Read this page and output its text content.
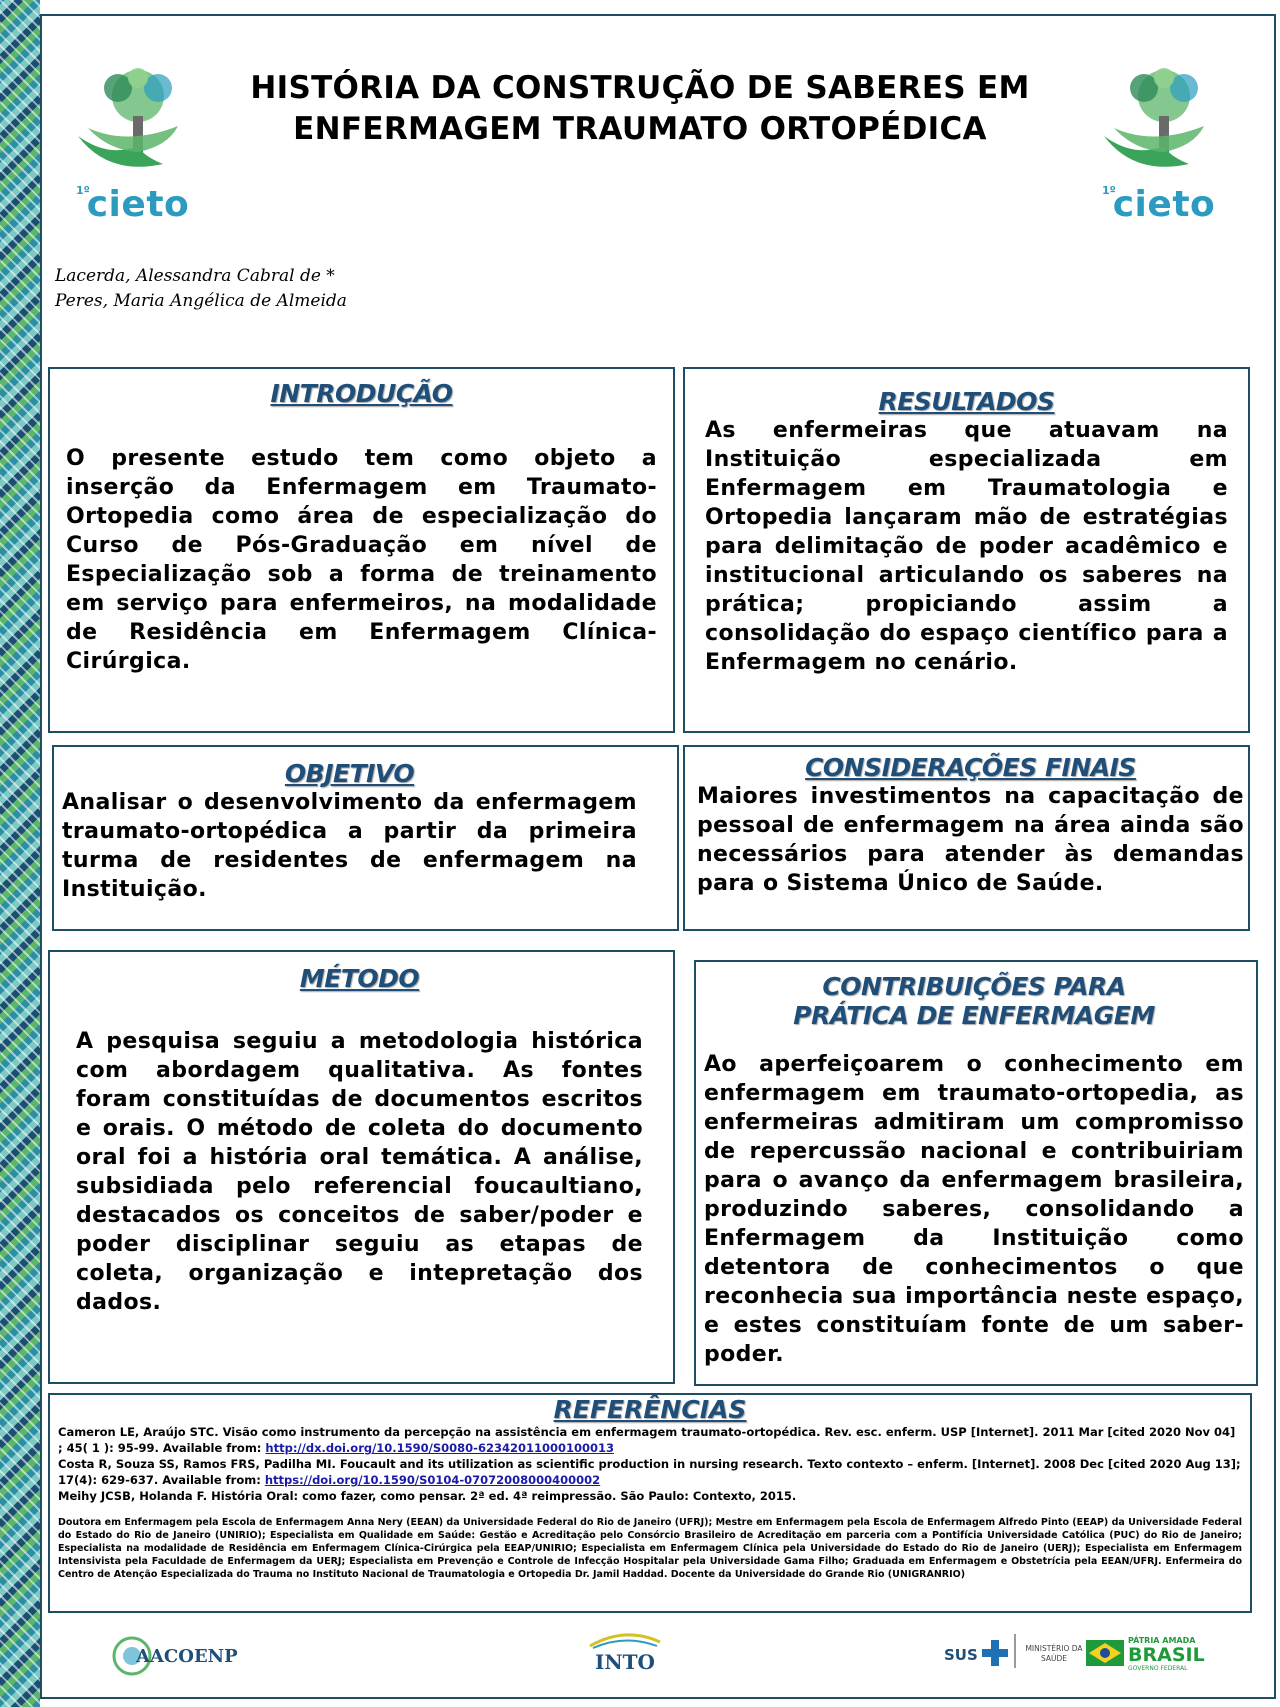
1º
cieto	1º
cieto
HISTÓRIA DA CONSTRUÇÃO DE SABERES EM
ENFERMAGEM TRAUMATO ORTOPÉDICA
Lacerda, Alessandra Cabral de *
Peres, Maria Angélica de Almeida
INTRODUÇÃO

O presente estudo tem como objeto a inserção da Enfermagem em Traumato-Ortopedia como área de especialização do Curso de Pós-Graduação em nível de Especialização sob a forma de treinamento em serviço para enfermeiros, na modalidade de Residência em Enfermagem Clínica-Cirúrgica.

RESULTADOS

As enfermeiras que atuavam na Instituição especializada em Enfermagem em Traumatologia e Ortopedia lançaram mão de estratégias para delimitação de poder acadêmico e institucional articulando os saberes na prática; propiciando assim a consolidação do espaço científico para a Enfermagem no cenário.

OBJETIVO

Analisar o desenvolvimento da enfermagem traumato-ortopédica a partir da primeira turma de residentes de enfermagem na Instituição.

CONSIDERAÇÕES FINAIS

Maiores investimentos na capacitação de pessoal de enfermagem na área ainda são necessários para atender às demandas para o Sistema Único de Saúde.

MÉTODO

A pesquisa seguiu a metodologia histórica com abordagem qualitativa. As fontes foram constituídas de documentos escritos e orais. O método de coleta do documento oral foi a história oral temática. A análise, subsidiada pelo referencial foucaultiano, destacados os conceitos de saber/poder e poder disciplinar seguiu as etapas de coleta, organização e intepretação dos dados.

CONTRIBUIÇÕES PARA
PRÁTICA DE ENFERMAGEM

Ao aperfeiçoarem o conhecimento em enfermagem em traumato-ortopedia, as enfermeiras admitiram um compromisso de repercussão nacional e contribuiriam para o avanço da enfermagem brasileira, produzindo saberes, consolidando a Enfermagem da Instituição como detentora de conhecimentos o que reconhecia sua importância neste espaço, e estes constituíam fonte de um saber-poder.

REFERÊNCIAS
Cameron LE, Araújo STC. Visão como instrumento da percepção na assistência em enfermagem traumato-ortopédica. Rev. esc. enferm. USP [Internet]. 2011 Mar [cited 2020 Nov 04] ; 45( 1 ): 95-99. Available from: http://dx.doi.org/10.1590/S0080-62342011000100013
Costa R, Souza SS, Ramos FRS, Padilha MI. Foucault and its utilization as scientific production in nursing research. Texto contexto – enferm. [Internet]. 2008 Dec [cited 2020 Aug 13]; 17(4): 629-637. Available from: https://doi.org/10.1590/S0104-07072008000400002
Meihy JCSB, Holanda F. História Oral: como fazer, como pensar. 2ª ed. 4ª reimpressão. São Paulo: Contexto, 2015.
Doutora em Enfermagem pela Escola de Enfermagem Anna Nery (EEAN) da Universidade Federal do Rio de Janeiro (UFRJ); Mestre em Enfermagem pela Escola de Enfermagem Alfredo Pinto (EEAP) da Universidade Federal do Estado do Rio de Janeiro (UNIRIO); Especialista em Qualidade em Saúde: Gestão e Acreditação pelo Consórcio Brasileiro de Acreditação em parceria com a Pontifícia Universidade Católica (PUC) do Rio de Janeiro; Especialista na modalidade de Residência em Enfermagem Clínica-Cirúrgica pela EEAP/UNIRIO; Especialista em Enfermagem Clínica pela Universidade do Estado do Rio de Janeiro (UERJ); Especialista em Enfermagem Intensivista pela Faculdade de Enfermagem da UERJ; Especialista em Prevenção e Controle de Infecção Hospitalar pela Universidade Gama Filho; Graduada em Enfermagem e Obstetrícia pela EEAN/UFRJ. Enfermeira do Centro de Atenção Especializada do Trauma no Instituto Nacional de Traumatologia e Ortopedia Dr. Jamil Haddad. Docente da Universidade do Grande Rio (UNIGRANRIO)
AACOENP	INTO	SUS	MINISTÉRIO DA
SAÚDE
PÁTRIA AMADA
BRASIL
GOVERNO FEDERAL
